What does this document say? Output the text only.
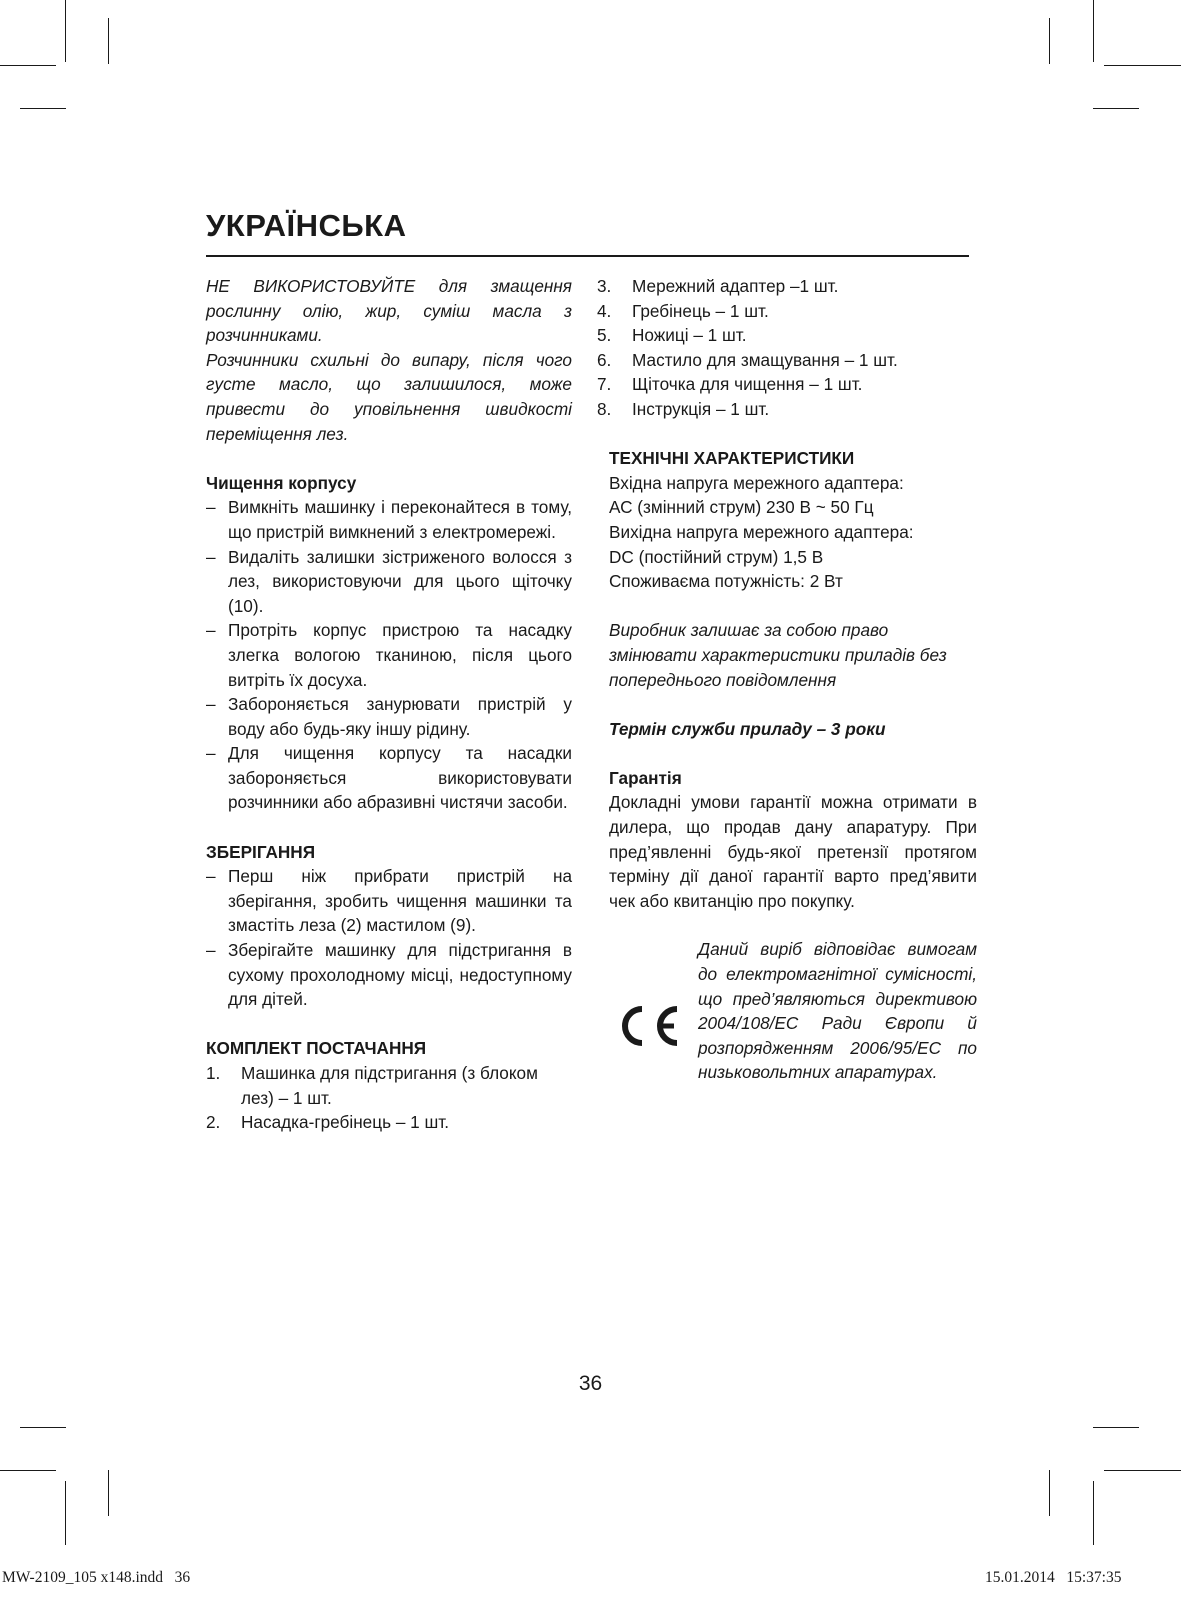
УКРАЇНСЬКА

НЕ ВИКОРИСТОВУЙТЕ для змащення рослинну олію, жир, суміш масла з розчинниками.

Розчинники схильні до випару, після чого густе масло, що залишилося, може привести до уповільнення швидкості переміщення лез.

Чищення корпусу

– Вимкніть машинку і переконайтеся в тому, що пристрій вимкнений з електромережі.
– Видаліть залишки зістриженого волосся з лез, використовуючи для цього щіточку (10).
– Протріть корпус пристрою та насадку злегка вологою тканиною, після цього витріть їх досуха.
– Забороняється занурювати пристрій у воду або будь-яку іншу рідину.
– Для чищення корпусу та насадки забороняється використовувати розчинники або абразивні чистячи засоби.

ЗБЕРІГАННЯ

– Перш ніж прибрати пристрій на зберігання, зробить чищення машинки та змастіть леза (2) мастилом (9).
– Зберігайте машинку для підстригання в сухому прохолодному місці, недоступному для дітей.

КОМПЛЕКТ ПОСТАЧАННЯ

1. Машинка для підстригання (з блоком лез) – 1 шт.
2. Насадка-гребінець – 1 шт.
3. Мережний адаптер –1 шт.
4. Гребінець – 1 шт.
5. Ножиці – 1 шт.
6. Мастило для змащування – 1 шт.
7. Щіточка для чищення – 1 шт.
8. Інструкція – 1 шт.

ТЕХНІЧНІ ХАРАКТЕРИСТИКИ

Вхідна напруга мережного адаптера:

АС (змінний струм) 230 В ~ 50 Гц

Вихідна напруга мережного адаптера:

DC (постійний струм) 1,5 В

Споживаєма потужність: 2 Вт

Виробник залишає за собою право змінювати характеристики приладів без попереднього повідомлення

Термін служби приладу – 3 роки

Гарантія

Докладні умови гарантії можна отримати в дилера, що продав дану апаратуру. При пред’явленні будь-якої претензії протягом терміну дії даної гарантії варто пред’явити чек або квитанцію про покупку.

Даний виріб відповідає вимогам до електромагнітної сумісності, що пред’являються директивою 2004/108/ЕС Ради Європи й розпорядженням 2006/95/ЕС по низьковольтних апаратурах.

36
MW-2109_105 x148.indd   36	15.01.2014   15:37:35
